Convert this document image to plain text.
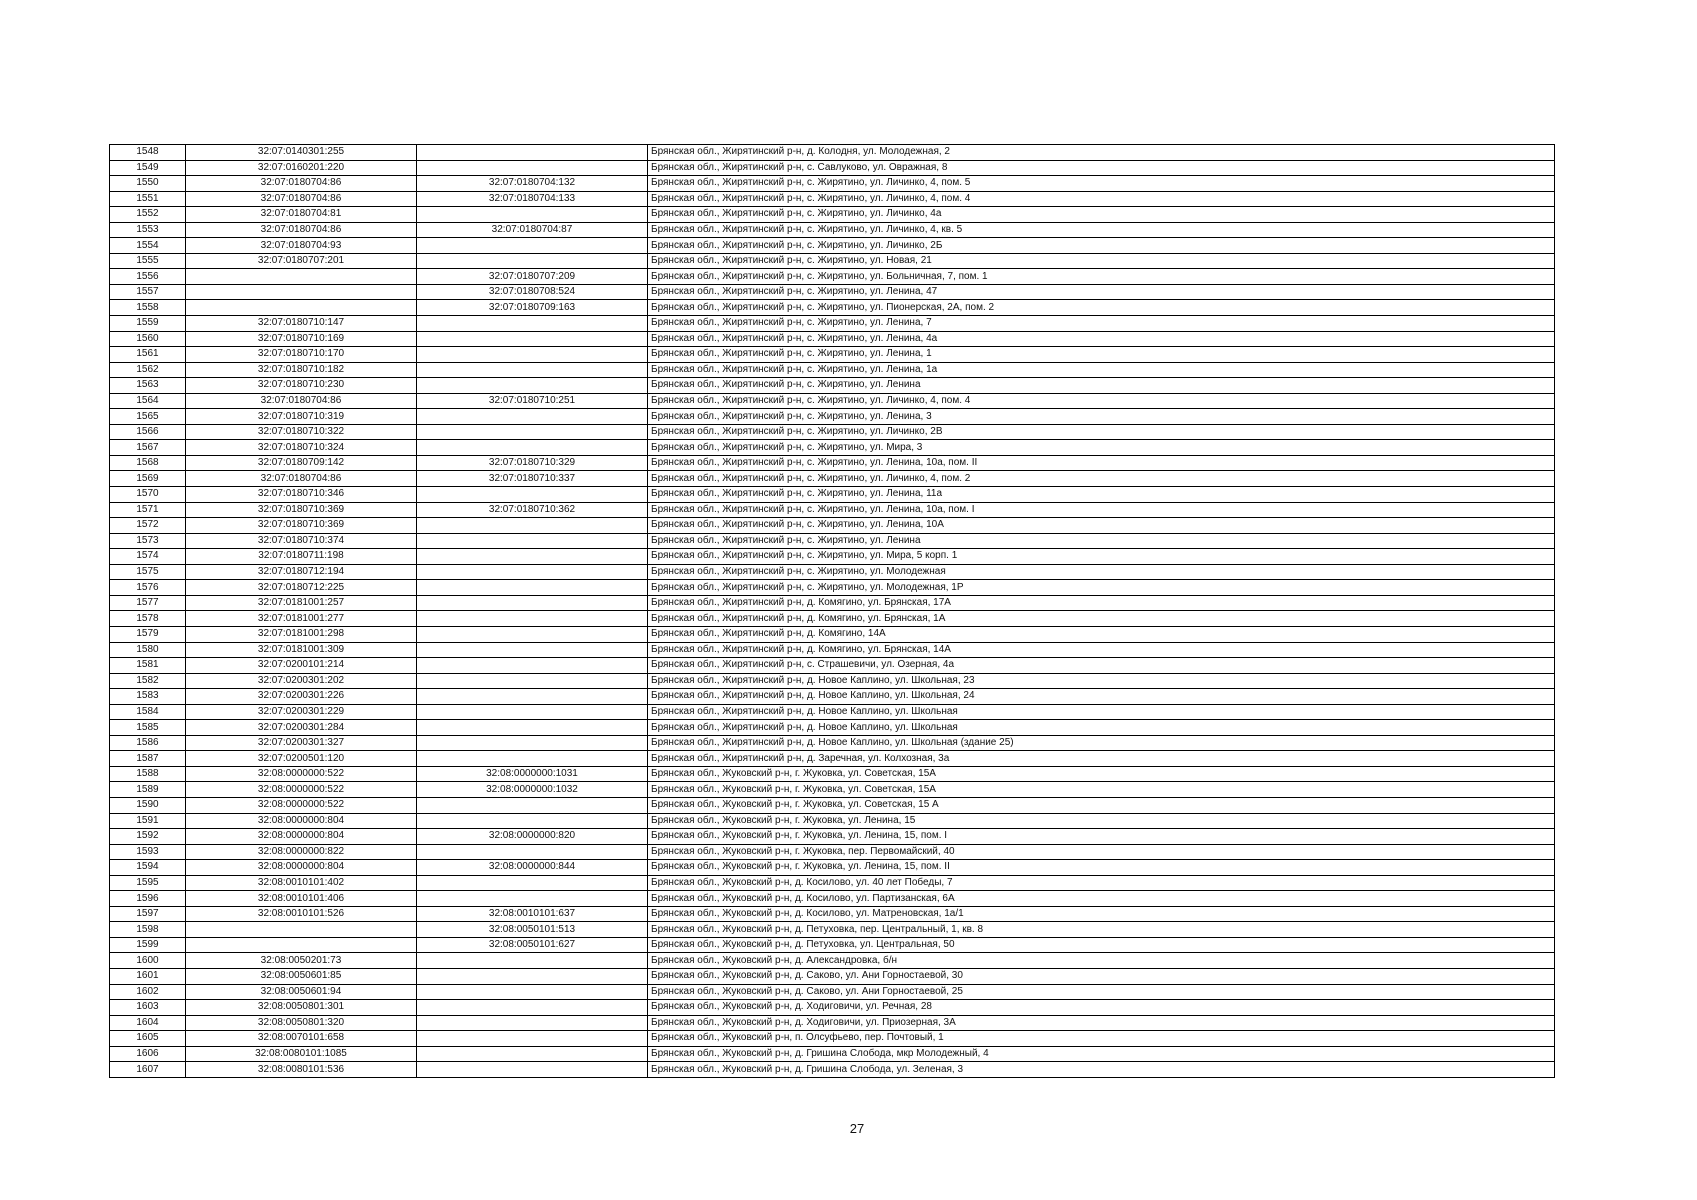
1548	32:07:0140301:255		Брянская обл., Жирятинский р-н, д. Колодня, ул. Молодежная, 2
1549	32:07:0160201:220		Брянская обл., Жирятинский р-н, с. Савлуково, ул. Овражная, 8
1550	32:07:0180704:86	32:07:0180704:132	Брянская обл., Жирятинский р-н, с. Жирятино, ул. Личинко, 4, пом. 5
1551	32:07:0180704:86	32:07:0180704:133	Брянская обл., Жирятинский р-н, с. Жирятино, ул. Личинко, 4, пом. 4
1552	32:07:0180704:81		Брянская обл., Жирятинский р-н, с. Жирятино, ул. Личинко, 4а
1553	32:07:0180704:86	32:07:0180704:87	Брянская обл., Жирятинский р-н, с. Жирятино, ул. Личинко, 4, кв. 5
1554	32:07:0180704:93		Брянская обл., Жирятинский р-н, с. Жирятино, ул. Личинко, 2Б
1555	32:07:0180707:201		Брянская обл., Жирятинский р-н, с. Жирятино, ул. Новая, 21
1556		32:07:0180707:209	Брянская обл., Жирятинский р-н, с. Жирятино, ул. Больничная, 7, пом. 1
1557		32:07:0180708:524	Брянская обл., Жирятинский р-н, с. Жирятино, ул. Ленина, 47
1558		32:07:0180709:163	Брянская обл., Жирятинский р-н, с. Жирятино, ул. Пионерская, 2А, пом. 2
1559	32:07:0180710:147		Брянская обл., Жирятинский р-н, с. Жирятино, ул. Ленина, 7
1560	32:07:0180710:169		Брянская обл., Жирятинский р-н, с. Жирятино, ул. Ленина, 4а
1561	32:07:0180710:170		Брянская обл., Жирятинский р-н, с. Жирятино, ул. Ленина, 1
1562	32:07:0180710:182		Брянская обл., Жирятинский р-н, с. Жирятино, ул. Ленина, 1а
1563	32:07:0180710:230		Брянская обл., Жирятинский р-н, с. Жирятино, ул. Ленина
1564	32:07:0180704:86	32:07:0180710:251	Брянская обл., Жирятинский р-н, с. Жирятино, ул. Личинко, 4, пом. 4
1565	32:07:0180710:319		Брянская обл., Жирятинский р-н, с. Жирятино, ул. Ленина, 3
1566	32:07:0180710:322		Брянская обл., Жирятинский р-н, с. Жирятино, ул. Личинко, 2В
1567	32:07:0180710:324		Брянская обл., Жирятинский р-н, с. Жирятино, ул. Мира, 3
1568	32:07:0180709:142	32:07:0180710:329	Брянская обл., Жирятинский р-н, с. Жирятино, ул. Ленина, 10а, пом. II
1569	32:07:0180704:86	32:07:0180710:337	Брянская обл., Жирятинский р-н, с. Жирятино, ул. Личинко, 4, пом. 2
1570	32:07:0180710:346		Брянская обл., Жирятинский р-н, с. Жирятино, ул. Ленина, 11а
1571	32:07:0180710:369	32:07:0180710:362	Брянская обл., Жирятинский р-н, с. Жирятино, ул. Ленина, 10а, пом. I
1572	32:07:0180710:369		Брянская обл., Жирятинский р-н, с. Жирятино, ул. Ленина, 10А
1573	32:07:0180710:374		Брянская обл., Жирятинский р-н, с. Жирятино, ул. Ленина
1574	32:07:0180711:198		Брянская обл., Жирятинский р-н, с. Жирятино, ул. Мира, 5 корп. 1
1575	32:07:0180712:194		Брянская обл., Жирятинский р-н, с. Жирятино, ул. Молодежная
1576	32:07:0180712:225		Брянская обл., Жирятинский р-н, с. Жирятино, ул. Молодежная, 1Р
1577	32:07:0181001:257		Брянская обл., Жирятинский р-н, д. Комягино, ул. Брянская, 17А
1578	32:07:0181001:277		Брянская обл., Жирятинский р-н, д. Комягино, ул. Брянская, 1А
1579	32:07:0181001:298		Брянская обл., Жирятинский р-н, д. Комягино, 14А
1580	32:07:0181001:309		Брянская обл., Жирятинский р-н, д. Комягино, ул. Брянская, 14А
1581	32:07:0200101:214		Брянская обл., Жирятинский р-н, с. Страшевичи, ул. Озерная, 4а
1582	32:07:0200301:202		Брянская обл., Жирятинский р-н, д. Новое Каплино, ул. Школьная, 23
1583	32:07:0200301:226		Брянская обл., Жирятинский р-н, д. Новое Каплино, ул. Школьная, 24
1584	32:07:0200301:229		Брянская обл., Жирятинский р-н, д. Новое Каплино, ул. Школьная
1585	32:07:0200301:284		Брянская обл., Жирятинский р-н, д. Новое Каплино, ул. Школьная
1586	32:07:0200301:327		Брянская обл., Жирятинский р-н, д. Новое Каплино, ул. Школьная (здание 25)
1587	32:07:0200501:120		Брянская обл., Жирятинский р-н, д. Заречная, ул. Колхозная, 3а
1588	32:08:0000000:522	32:08:0000000:1031	Брянская обл., Жуковский р-н, г. Жуковка, ул. Советская, 15А
1589	32:08:0000000:522	32:08:0000000:1032	Брянская обл., Жуковский р-н, г. Жуковка, ул. Советская, 15А
1590	32:08:0000000:522		Брянская обл., Жуковский р-н, г. Жуковка, ул. Советская, 15 А
1591	32:08:0000000:804		Брянская обл., Жуковский р-н, г. Жуковка, ул. Ленина, 15
1592	32:08:0000000:804	32:08:0000000:820	Брянская обл., Жуковский р-н, г. Жуковка, ул. Ленина, 15, пом. I
1593	32:08:0000000:822		Брянская обл., Жуковский р-н, г. Жуковка, пер. Первомайский, 40
1594	32:08:0000000:804	32:08:0000000:844	Брянская обл., Жуковский р-н, г. Жуковка, ул. Ленина, 15, пом. II
1595	32:08:0010101:402		Брянская обл., Жуковский р-н, д. Косилово, ул. 40 лет Победы, 7
1596	32:08:0010101:406		Брянская обл., Жуковский р-н, д. Косилово, ул. Партизанская, 6А
1597	32:08:0010101:526	32:08:0010101:637	Брянская обл., Жуковский р-н, д. Косилово, ул. Матреновская, 1а/1
1598		32:08:0050101:513	Брянская обл., Жуковский р-н, д. Петуховка, пер. Центральный, 1, кв. 8
1599		32:08:0050101:627	Брянская обл., Жуковский р-н, д. Петуховка, ул. Центральная, 50
1600	32:08:0050201:73		Брянская обл., Жуковский р-н, д. Александровка, б/н
1601	32:08:0050601:85		Брянская обл., Жуковский р-н, д. Саково, ул. Ани Горностаевой, 30
1602	32:08:0050601:94		Брянская обл., Жуковский р-н, д. Саково, ул. Ани Горностаевой, 25
1603	32:08:0050801:301		Брянская обл., Жуковский р-н, д. Ходиговичи, ул. Речная, 28
1604	32:08:0050801:320		Брянская обл., Жуковский р-н, д. Ходиговичи, ул. Приозерная, 3А
1605	32:08:0070101:658		Брянская обл., Жуковский р-н, п. Олсуфьево, пер. Почтовый, 1
1606	32:08:0080101:1085		Брянская обл., Жуковский р-н, д. Гришина Слобода, мкр Молодежный, 4
1607	32:08:0080101:536		Брянская обл., Жуковский р-н, д. Гришина Слобода, ул. Зеленая, 3
27
